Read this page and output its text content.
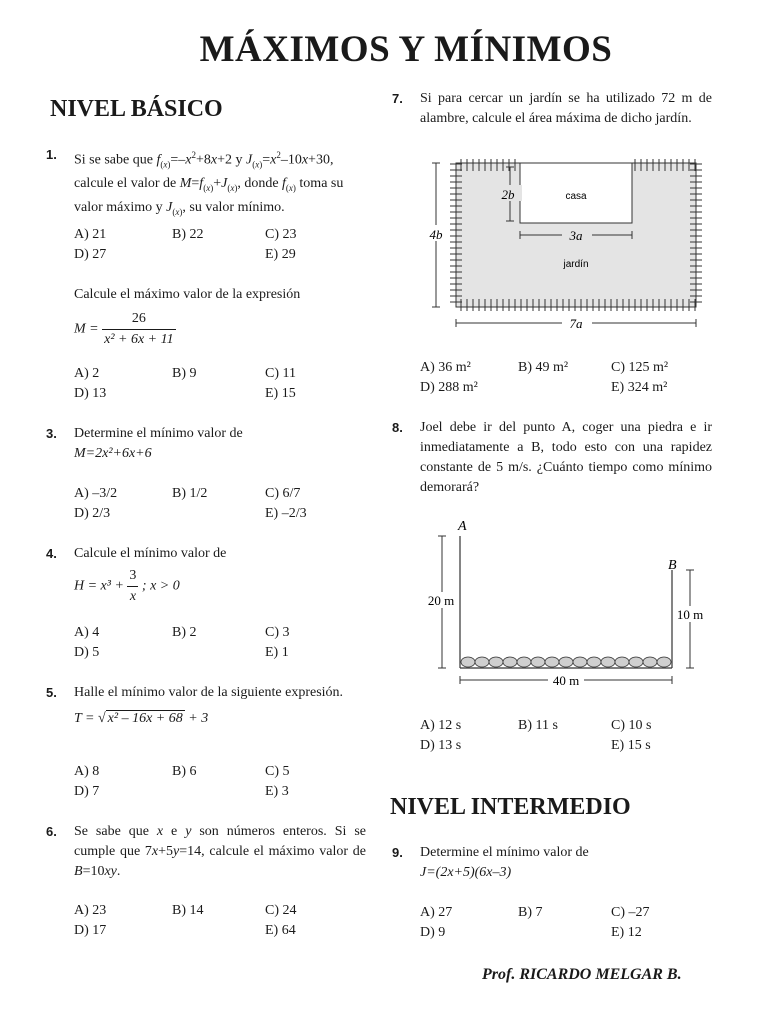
MÁXIMOS Y MÍNIMOS
NIVEL BÁSICO
1. Si se sabe que $f_{(x)}=-x^2+8x+2$ y $J_{(x)}=x^2-10x+30$, calcule el valor de $M=f_{(x)}+J_{(x)}$, donde $f_{(x)}$ toma su valor máximo y $J_{(x)}$, su valor mínimo.
A) 21	B) 22	C) 23
D) 27	E) 29
Calcule el máximo valor de la expresión
$M = \frac{26}{\text{x² + 6x + 11}}$
A) 2	B) 9	C) 11
D) 13	E) 15
3. Determine el mínimo valor de
M=2x²+6x+6
A) –3/2	B) 1/2	C) 6/7
D) 2/3	E) –2/3
4. Calcule el mínimo valor de
$H = x^3 + \frac{3}{x}$ ; x > 0
A) 4	B) 2	C) 3
D) 5	E) 1
5. Halle el mínimo valor de la siguiente expresión.
T = √ x² – 16x + 68 + 3
A) 8	B) 6	C) 5
D) 7	E) 3
6. Se sabe que x e y son números enteros. Si se cumple que 7x+5y=14, calcule el máximo valor de B=10xy.
A) 23	B) 14	C) 24
D) 17	E) 64
7. Si para cercar un jardín se ha utilizado 72 m de alambre, calcule el área máxima de dicho jardín.
casa
jardín
2b
3a
4b
7a
A) 36 m²	B) 49 m²	C) 125 m²
D) 288 m²	E) 324 m²
8. Joel debe ir del punto A, coger una piedra e ir inmediatamente a B, todo esto con una rapidez constante de 5 m/s. ¿Cuánto tiempo como mínimo demorará?
A
B
20 m
10 m
40 m
A) 12 s	B) 11 s	C) 10 s
D) 13 s	E) 15 s
9. Determine el mínimo valor de
J=(2x+5)(6x–3)
A) 27	B) 7	C) –27
D) 9	E) 12
NIVEL INTERMEDIO
Prof. RICARDO MELGAR B.
